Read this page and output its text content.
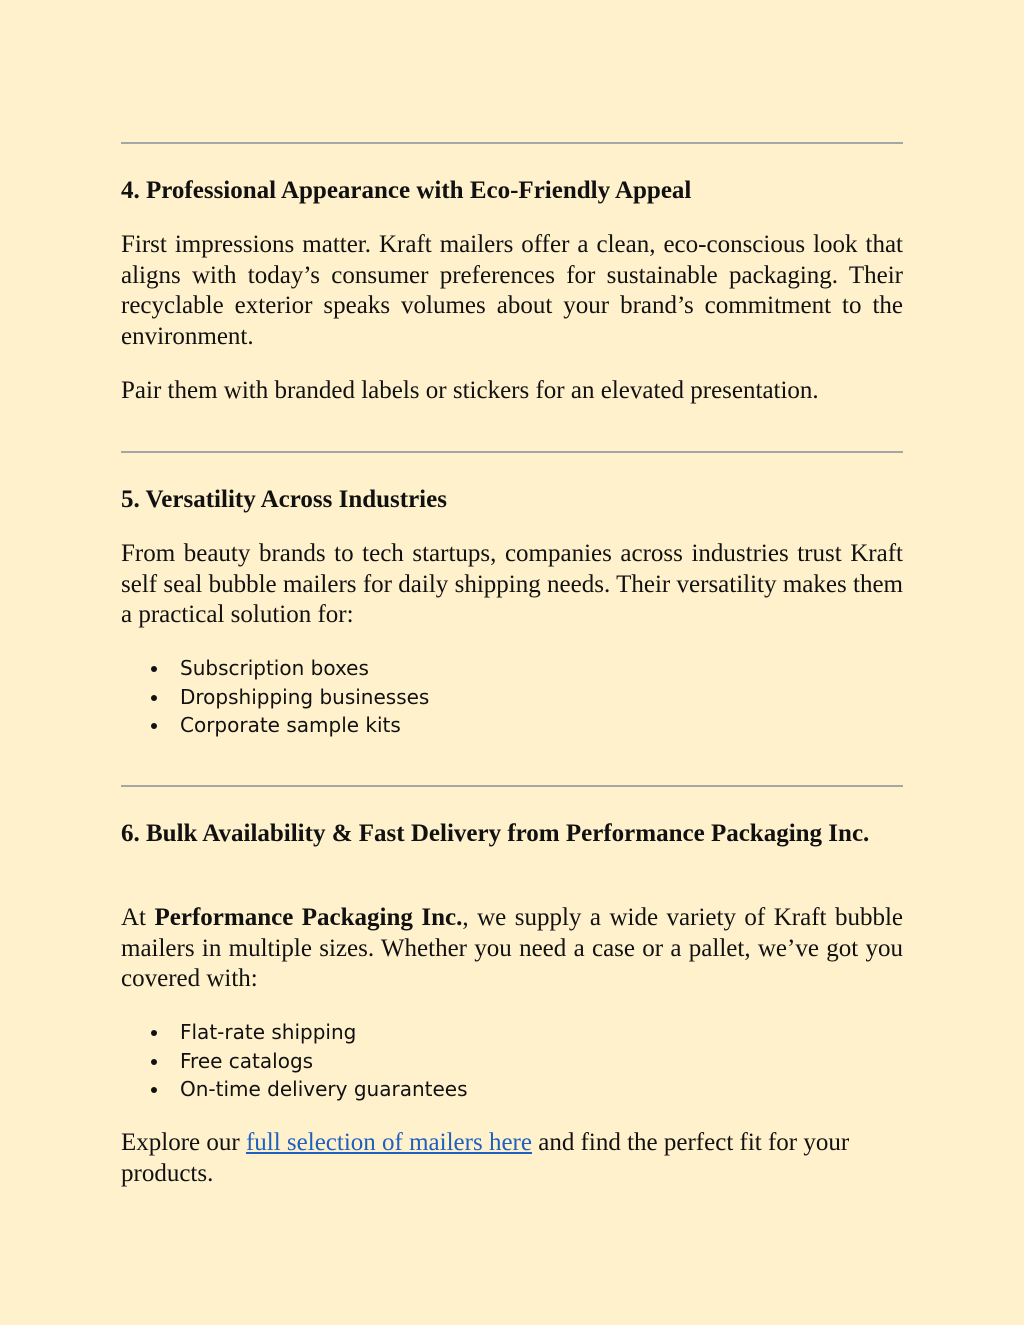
4. Professional Appearance with Eco-Friendly Appeal

First impressions matter. Kraft mailers offer a clean, eco-conscious look that aligns with today’s consumer preferences for sustainable packaging. Their recyclable exterior speaks volumes about your brand’s commitment to the environment.

Pair them with branded labels or stickers for an elevated presentation.

5. Versatility Across Industries

From beauty brands to tech startups, companies across industries trust Kraft self seal bubble mailers for daily shipping needs. Their versatility makes them a practical solution for:

Subscription boxes
Dropshipping businesses
Corporate sample kits
6. Bulk Availability & Fast Delivery from Performance Packaging Inc.

At Performance Packaging Inc., we supply a wide variety of Kraft bubble mailers in multiple sizes. Whether you need a case or a pallet, we’ve got you covered with:

Flat-rate shipping
Free catalogs
On-time delivery guarantees

Explore our full selection of mailers here and find the perfect fit for your products.
